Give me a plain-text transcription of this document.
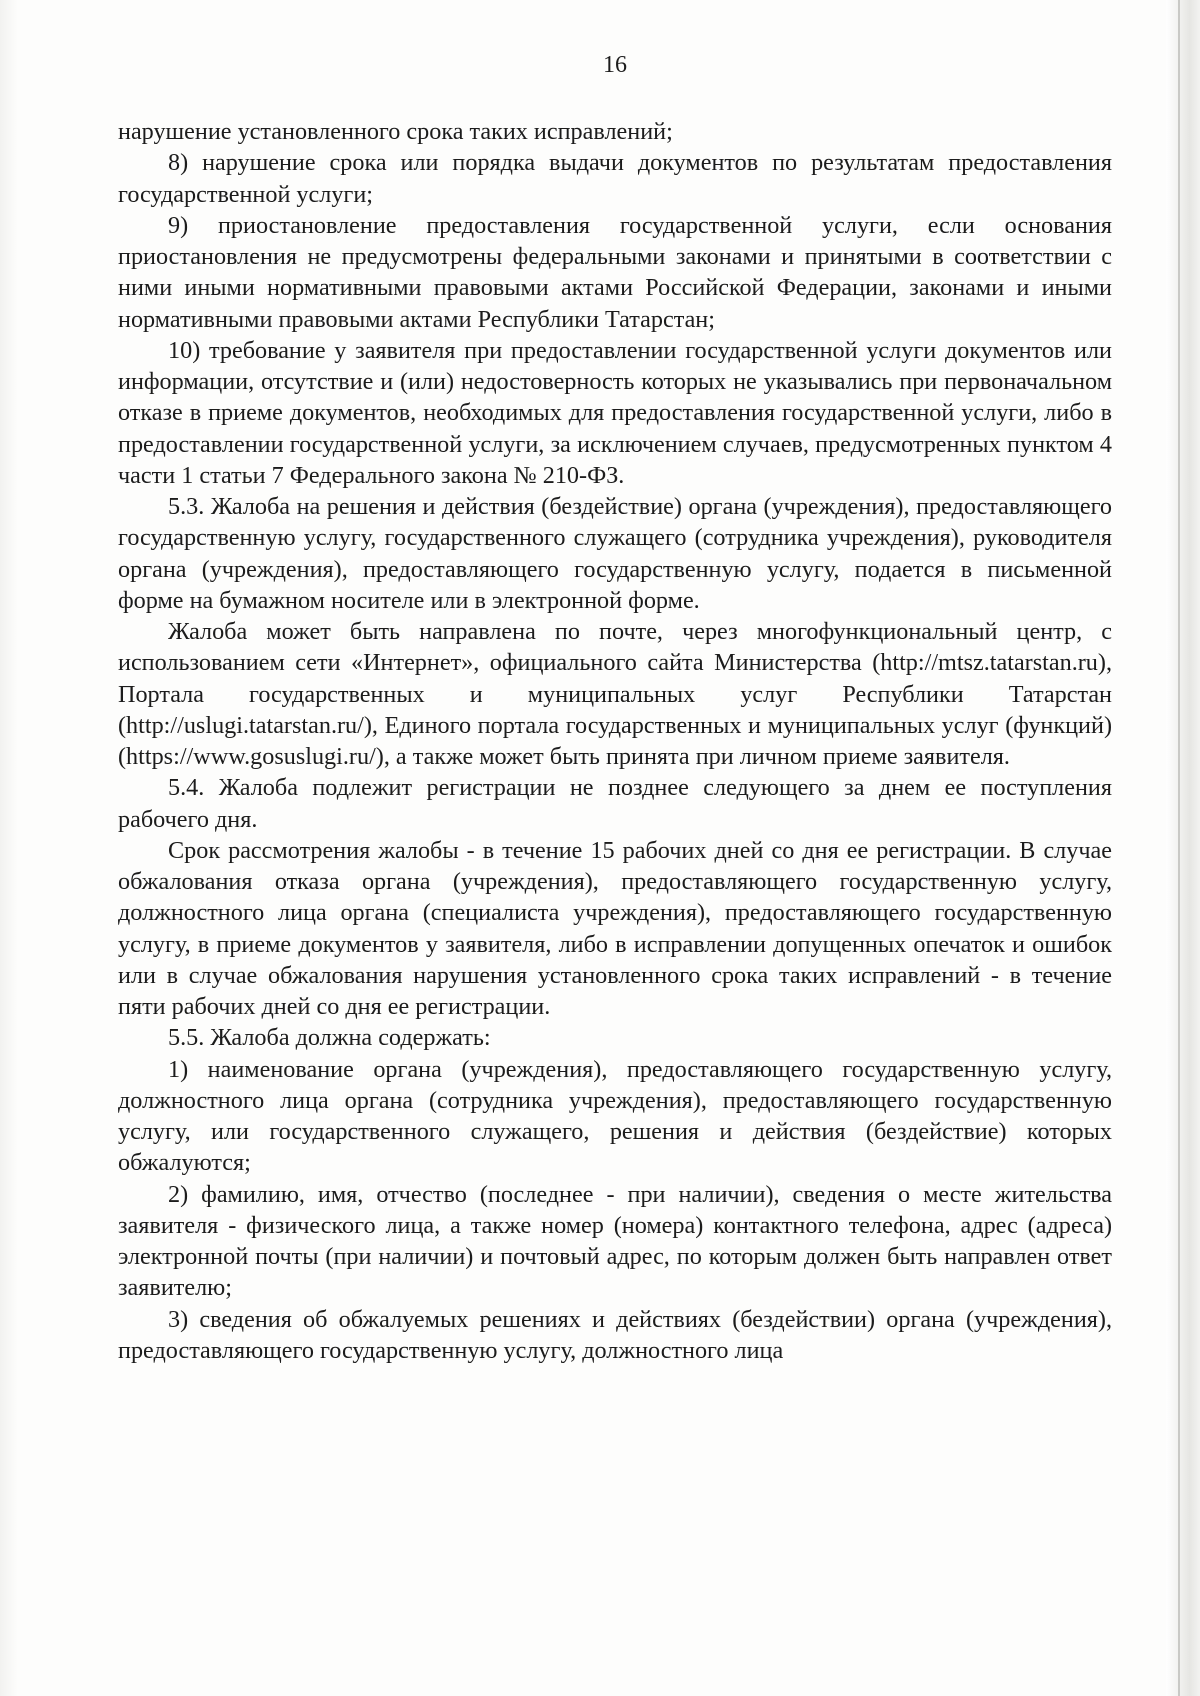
16

нарушение установленного срока таких исправлений;

8) нарушение срока или порядка выдачи документов по результатам предоставления государственной услуги;

9) приостановление предоставления государственной услуги, если основания приостановления не предусмотрены федеральными законами и принятыми в соответствии с ними иными нормативными правовыми актами Российской Федерации, законами и иными нормативными правовыми актами Республики Татарстан;

10) требование у заявителя при предоставлении государственной услуги документов или информации, отсутствие и (или) недостоверность которых не указывались при первоначальном отказе в приеме документов, необходимых для предоставления государственной услуги, либо в предоставлении государственной услуги, за исключением случаев, предусмотренных пунктом 4 части 1 статьи 7 Федерального закона № 210-ФЗ.

5.3. Жалоба на решения и действия (бездействие) органа (учреждения), предоставляющего государственную услугу, государственного служащего (сотрудника учреждения), руководителя органа (учреждения), предоставляющего государственную услугу, подается в письменной форме на бумажном носителе или в электронной форме.

Жалоба может быть направлена по почте, через многофункциональный центр, с использованием сети «Интернет», официального сайта Министерства (http://mtsz.tatarstan.ru), Портала государственных и муниципальных услуг Республики Татарстан (http://uslugi.tatarstan.ru/), Единого портала государственных и муниципальных услуг (функций) (https://www.gosuslugi.ru/), а также может быть принята при личном приеме заявителя.

5.4. Жалоба подлежит регистрации не позднее следующего за днем ее поступления рабочего дня.

Срок рассмотрения жалобы - в течение 15 рабочих дней со дня ее регистрации. В случае обжалования отказа органа (учреждения), предоставляющего государственную услугу, должностного лица органа (специалиста учреждения), предоставляющего государственную услугу, в приеме документов у заявителя, либо в исправлении допущенных опечаток и ошибок или в случае обжалования нарушения установленного срока таких исправлений - в течение пяти рабочих дней со дня ее регистрации.

5.5. Жалоба должна содержать:

1) наименование органа (учреждения), предоставляющего государственную услугу, должностного лица органа (сотрудника учреждения), предоставляющего государственную услугу, или государственного служащего, решения и действия (бездействие) которых обжалуются;

2) фамилию, имя, отчество (последнее - при наличии), сведения о месте жительства заявителя - физического лица, а также номер (номера) контактного телефона, адрес (адреса) электронной почты (при наличии) и почтовый адрес, по которым должен быть направлен ответ заявителю;

3) сведения об обжалуемых решениях и действиях (бездействии) органа (учреждения), предоставляющего государственную услугу, должностного лица
